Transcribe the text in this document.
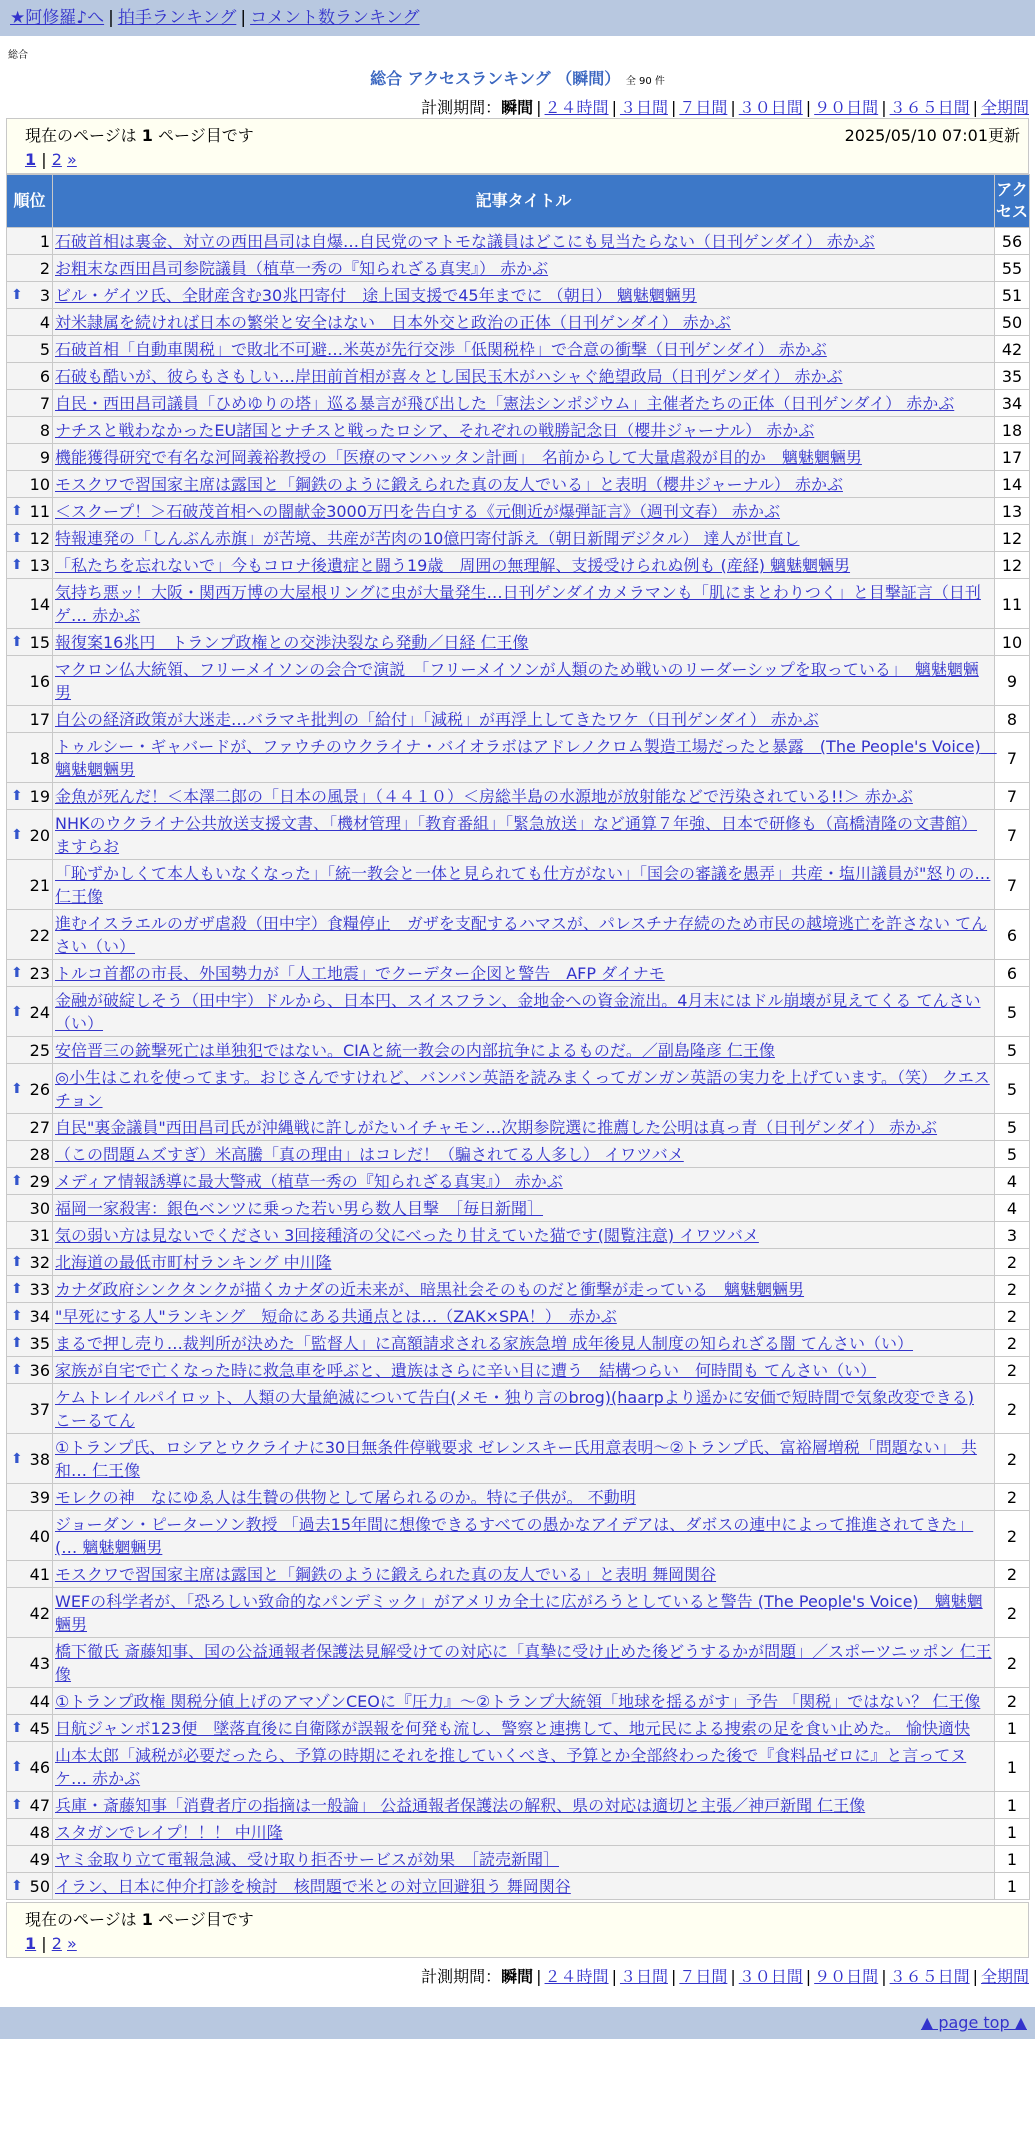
★阿修羅♪へ | 拍手ランキング | コメント数ランキング
総合
総合 アクセスランキング （瞬間） 全 90 件
計測期間：瞬間 | ２４時間 | ３日間 | ７日間 | ３０日間 | ９０日間 | ３６５日間 | 全期間
現在のページは 1 ページ目です	2025/05/10 07:01更新
1 | 2 »
順位	記事タイトル	アクセス
1	石破首相は裏金、対立の西田昌司は自爆…自民党のマトモな議員はどこにも見当たらない（日刊ゲンダイ） 赤かぶ	56
2	お粗末な西田昌司参院議員（植草一秀の『知られざる真実』） 赤かぶ	55

⬆ 3	ビル・ゲイツ氏、全財産含む30兆円寄付　途上国支援で45年までに （朝日） 魑魅魍魎男	51
4	対米隷属を続ければ日本の繁栄と安全はない　日本外交と政治の正体（日刊ゲンダイ） 赤かぶ	50
5	石破首相「自動車関税」で敗北不可避…米英が先行交渉「低関税枠」で合意の衝撃（日刊ゲンダイ） 赤かぶ	42
6	石破も酷いが、彼らもさもしい…岸田前首相が喜々とし国民玉木がハシャぐ絶望政局（日刊ゲンダイ） 赤かぶ	35
7	自民・西田昌司議員「ひめゆりの塔」巡る暴言が飛び出した「憲法シンポジウム」主催者たちの正体（日刊ゲンダイ） 赤かぶ	34
8	ナチスと戦わなかったEU諸国とナチスと戦ったロシア、それぞれの戦勝記念日（櫻井ジャーナル） 赤かぶ	18
9	機能獲得研究で有名な河岡義裕教授の「医療のマンハッタン計画」　名前からして大量虐殺が目的か　魑魅魍魎男	17
10	モスクワで習国家主席は露国と「鋼鉄のように鍛えられた真の友人でいる」と表明（櫻井ジャーナル） 赤かぶ	14

⬆ 11	＜スクープ！＞石破茂首相への闇献金3000万円を告白する《元側近が爆弾証言》（週刊文春） 赤かぶ	13

⬆ 12	特報連発の「しんぶん赤旗」が苦境、共産が苦肉の10億円寄付訴え（朝日新聞デジタル） 達人が世直し	12

⬆ 13	「私たちを忘れないで」今もコロナ後遺症と闘う19歳　周囲の無理解、支援受けられぬ例も (産経) 魑魅魍魎男	12
14	気持ち悪ッ！大阪・関西万博の大屋根リングに虫が大量発生…日刊ゲンダイカメラマンも「肌にまとわりつく」と目撃証言（日刊ゲ… 赤かぶ	11

⬆ 15	報復案16兆円　トランプ政権との交渉決裂なら発動／日経 仁王像	10
16	マクロン仏大統領、フリーメイソンの会合で演説　「フリーメイソンが人類のため戦いのリーダーシップを取っている」　魑魅魍魎男	9
17	自公の経済政策が大迷走…バラマキ批判の「給付」「減税」が再浮上してきたワケ（日刊ゲンダイ） 赤かぶ	8
18	トゥルシー・ギャバードが、ファウチのウクライナ・バイオラボはアドレノクロム製造工場だったと暴露　(The People's Voice)　魑魅魍魎男	7

⬆ 19	金魚が死んだ！＜本澤二郎の「日本の風景」（４４１０）＜房総半島の水源地が放射能などで汚染されている!!＞ 赤かぶ	7

⬆ 20	NHKのウクライナ公共放送支援文書、「機材管理」「教育番組」「緊急放送」など通算７年強、日本で研修も（高橋清隆の文書館） ますらお	7
21	「恥ずかしくて本人もいなくなった」「統一教会と一体と見られても仕方がない」「国会の審議を愚弄」共産・塩川議員が"怒りの… 仁王像	7
22	進むイスラエルのガザ虐殺（田中宇）食糧停止　ガザを支配するハマスが、パレスチナ存続のため市民の越境逃亡を許さない てんさい（い）	6

⬆ 23	トルコ首都の市長、外国勢力が「人工地震」でクーデター企図と警告　AFP ダイナモ	6

⬆ 24	金融が破綻しそう（田中宇）ドルから、日本円、スイスフラン、金地金への資金流出。4月末にはドル崩壊が見えてくる てんさい（い）	5
25	安倍晋三の銃撃死亡は単独犯ではない。CIAと統一教会の内部抗争によるものだ。／副島隆彦 仁王像	5

⬆ 26	◎小生はこれを使ってます。おじさんですけれど、バンバン英語を読みまくってガンガン英語の実力を上げています。（笑） クエスチョン	5
27	自民"裏金議員"西田昌司氏が沖縄戦に許しがたいイチャモン…次期参院選に推薦した公明は真っ青（日刊ゲンダイ） 赤かぶ	5
28	（この問題ムズすぎ）米高騰「真の理由」はコレだ！（騙されてる人多し） イワツバメ	5

⬆ 29	メディア情報誘導に最大警戒（植草一秀の『知られざる真実』） 赤かぶ	4
30	福岡一家殺害：銀色ベンツに乗った若い男ら数人目撃　［毎日新聞］	4
31	気の弱い方は見ないでください 3回接種済の父にべったり甘えていた猫です(閲覧注意) イワツバメ	3

⬆ 32	北海道の最低市町村ランキング 中川隆	2

⬆ 33	カナダ政府シンクタンクが描くカナダの近未来が、暗黒社会そのものだと衝撃が走っている　魑魅魍魎男	2

⬆ 34	"早死にする人"ランキング　短命にある共通点とは…（ZAK×SPA！）　赤かぶ	2

⬆ 35	まるで押し売り…裁判所が決めた「監督人」に高額請求される家族急増 成年後見人制度の知られざる闇 てんさい（い）	2

⬆ 36	家族が自宅で亡くなった時に救急車を呼ぶと、遺族はさらに辛い目に遭う　結構つらい　何時間も てんさい（い）	2
37	ケムトレイルパイロット、人類の大量絶滅について告白(メモ・独り言のbrog)(haarpより遥かに安価で短時間で気象改変できる) こーるてん	2

⬆ 38	①トランプ氏、ロシアとウクライナに30日無条件停戦要求 ゼレンスキー氏用意表明～②トランプ氏、富裕層増税「問題ない」 共和… 仁王像	2
39	モレクの神　なにゆゑ人は生贄の供物として屠られるのか。特に子供が。 不動明	2
40	ジョーダン・ピーターソン教授 「過去15年間に想像できるすべての愚かなアイデアは、ダボスの連中によって推進されてきた」(… 魑魅魍魎男	2
41	モスクワで習国家主席は露国と「鋼鉄のように鍛えられた真の友人でいる」と表明 舞岡関谷	2
42	WEFの科学者が、「恐ろしい致命的なパンデミック」がアメリカ全土に広がろうとしていると警告 (The People's Voice)　魑魅魍魎男	2
43	橋下徹氏 斎藤知事、国の公益通報者保護法見解受けての対応に「真摯に受け止めた後どうするかが問題」／スポーツニッポン 仁王像	2
44	①トランプ政権 関税分値上げのアマゾンCEOに『圧力』～②トランプ大統領「地球を揺るがす」予告 「関税」ではない？ 仁王像	2

⬆ 45	日航ジャンボ123便　墜落直後に自衛隊が誤報を何発も流し、警察と連携して、地元民による捜索の足を食い止めた。 愉快適快	1

⬆ 46	山本太郎「減税が必要だったら、予算の時期にそれを推していくべき、予算とか全部終わった後で『食料品ゼロに』と言ってヌケ… 赤かぶ	1

⬆ 47	兵庫・斎藤知事「消費者庁の指摘は一般論」 公益通報者保護法の解釈、県の対応は適切と主張／神戸新聞 仁王像	1
48	スタガンでレイプ！！！ 中川隆	1
49	ヤミ金取り立て電報急減、受け取り拒否サービスが効果　［読売新聞］	1

⬆ 50	イラン、日本に仲介打診を検討　核問題で米との対立回避狙う 舞岡関谷	1
現在のページは 1 ページ目です
1 | 2 »
計測期間：瞬間 | ２４時間 | ３日間 | ７日間 | ３０日間 | ９０日間 | ３６５日間 | 全期間
▲ page top ▲
